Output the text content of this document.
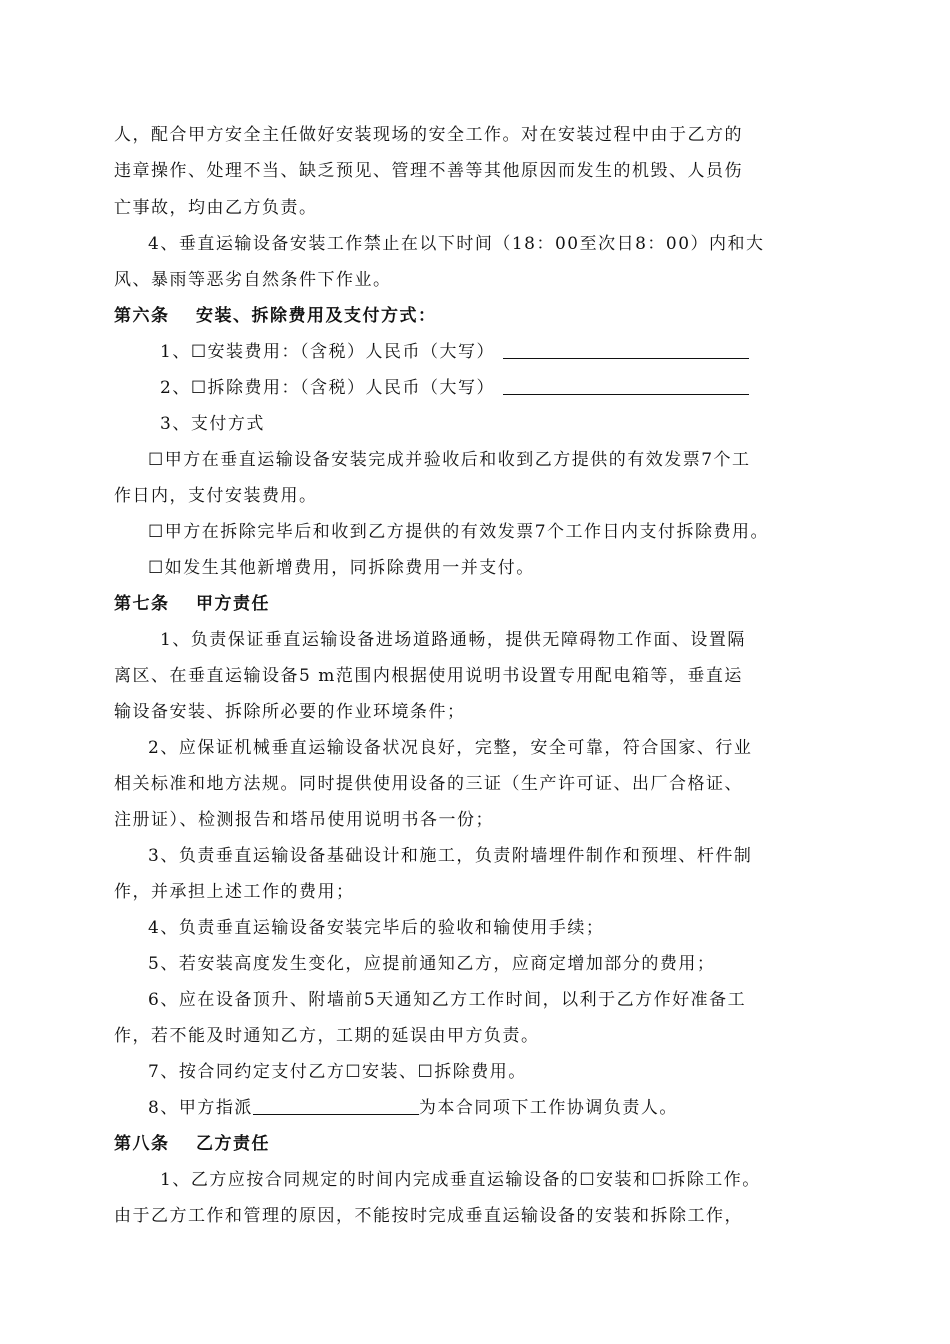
人，配合甲方安全主任做好安装现场的安全工作。对在安装过程中由于乙方的
违章操作、处理不当、缺乏预见、管理不善等其他原因而发生的机毁、人员伤
亡事故，均由乙方负责。
4、垂直运输设备安装工作禁止在以下时间（18：00至次日8：00）内和大
风、暴雨等恶劣自然条件下作业。
第六条 安装、拆除费用及支付方式：
1、☐安装费用：（含税）人民币（大写）
2、☐拆除费用：（含税）人民币（大写）
3、支付方式
☐甲方在垂直运输设备安装完成并验收后和收到乙方提供的有效发票7个工
作日内，支付安装费用。
☐甲方在拆除完毕后和收到乙方提供的有效发票7个工作日内支付拆除费用。
☐如发生其他新增费用，同拆除费用一并支付。
第七条 甲方责任
1、负责保证垂直运输设备进场道路通畅，提供无障碍物工作面、设置隔
离区、在垂直运输设备5 m范围内根据使用说明书设置专用配电箱等，垂直运
输设备安装、拆除所必要的作业环境条件；
2、应保证机械垂直运输设备状况良好，完整，安全可靠，符合国家、行业
相关标准和地方法规。同时提供使用设备的三证（生产许可证、出厂合格证、
注册证）、检测报告和塔吊使用说明书各一份；
3、负责垂直运输设备基础设计和施工，负责附墙埋件制作和预埋、杆件制
作，并承担上述工作的费用；
4、负责垂直运输设备安装完毕后的验收和输使用手续；
5、若安装高度发生变化，应提前通知乙方，应商定增加部分的费用；
6、应在设备顶升、附墙前5天通知乙方工作时间，以利于乙方作好准备工
作，若不能及时通知乙方，工期的延误由甲方负责。
7、按合同约定支付乙方☐安装、☐拆除费用。
8、甲方指派	为本合同项下工作协调负责人。
第八条 乙方责任
1、乙方应按合同规定的时间内完成垂直运输设备的☐安装和☐拆除工作。
由于乙方工作和管理的原因，不能按时完成垂直运输设备的安装和拆除工作，
